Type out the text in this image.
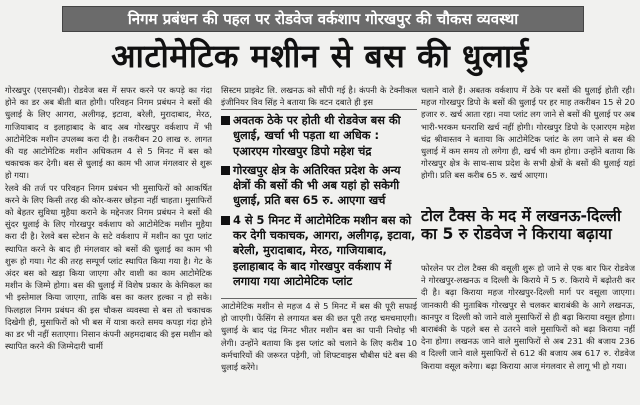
निगम प्रबंधन की पहल पर रोडवेज वर्कशाप गोरखपुर की चौकस व्यवस्था
आटोमेटिक मशीन से बस की धुलाई

गोरखपुर (एसएनबी)। रोडवेज बस में सफर करने पर कपड़े का गंदा होने का डर अब बीती बात होगी। परिवहन निगम प्रबंधन ने बसों की धुलाई के लिए आगरा, अलीगढ़, इटावा, बरेली, मुरादाबाद, मेरठ, गाजियाबाद व इलाहाबाद के बाद अब गोरखपुर वर्कशाप में भी आटोमेटिक मशीन उपलब्ध करा दी है। तकरीबन 20 लाख रु. लागत की यह आटोमेटिक मशीन अधिकतम 4 से 5 मिनट में बस को चकाचक कर देगी। बस से धुलाई का काम भी आज मंगलवार से शुरू हो गया।

रेलवे की तर्ज पर परिवहन निगम प्रबंधन भी मुसाफिरों को आकर्षित करने के लिए किसी तरह की कोर-कसर छोड़ना नहीं चाहता। मुसाफिरों को बेहतर सुविधा मुहैया कराने के मद्देनजर निगम प्रबंधन ने बसों की सुंदर धुलाई के लिए गोरखपुर वर्कशाप को आटोमेटिक मशीन मुहैया करा दी है। रेलवे बस स्टेशन के सटे वर्कशाप में मशीन का पूरा प्लांट स्थापित करने के बाद ही मंगलवार को बसों की धुलाई का काम भी शुरू हो गया। गेट की तरह सम्पूर्ण प्लांट स्थापित किया गया है। गेट के अंदर बस को खड़ा किया जाएगा और वाशी का काम आटोमेटिक मशीन के जिम्मे होगा। बस की धुलाई में विशेष प्रकार के केमिकल का भी इस्तेमाल किया जाएगा, ताकि बस का कलर हल्का न हो सके। फिलहाल निगम प्रबंधन की इस चौकस व्यवस्था से बस तो चकाचक दिखेगी ही, मुसाफिरों को भी बस में यात्रा करते समय कपड़ा गंदा होने का डर भी नहीं सताएगा। निसान कंपनी अहमदाबाद की इस मशीन को स्थापित करने की जिम्मेदारी चार्मी

सिस्टम प्राइवेट लि. लखनऊ को सौंपी गई है। कंपनी के टेक्नीकल इंजीनियर विव सिंह ने बताया कि वटन दबाते ही इस
अवतक ठेके पर होती थी रोडवेज बस की धुलाई, खर्चा भी पड़ता था अधिक : एआरएम गोरखपुर डिपो महेश चंद्र
गोरखपुर क्षेत्र के अतिरिक्त प्रदेश के अन्य क्षेत्रों की बसों की भी अब यहां हो सकेगी धुलाई, प्रति बस 65 रु. आएगा खर्च
4 से 5 मिनट में आटोमेटिक मशीन बस को कर देगी चकाचक, आगरा, अलीगढ़, इटावा, बरेली, मुरादाबाद, मेरठ, गाजियाबाद, इलाहाबाद के बाद गोरखपुर वर्कशाप में लगाया गया आटोमेटिक प्लांट
आटोमेटिक मशीन से महज 4 से 5 मिनट में बस की पूरी सफाई हो जाएगी। फेंसिंग से लगायत बस की छत पूरी तरह चमचमाएगी। धुलाई के बाद पंद्र मिनट भीतर मशीन बस का पानी निचोड़ भी लेगी। उन्होंने बताया कि इस प्लांट को चलाने के लिए करीब 10 कर्मचारियों की जरूरत पड़ेगी, जो शिफ्टवाइस चौबीस घंटे बस की धुलाई करेंगे।
चलाने वाले हैं। अबतक वर्कशाप में ठेके पर बसों की धुलाई होती रही। महज गोरखपुर डिपो के बसों की धुलाई पर हर माह तकरीबन 15 से 20 हजार रु. खर्च आता रहा। नया प्लांट लग जाने से बसों की धुलाई पर अब भारी-भरकम धनराशि खर्च नहीं होगी। गोरखपुर डिपो के एआरएम महेश चंद्र श्रीवास्तव ने बताया कि आटोमेटिक प्लांट के लग जाने से बस की धुलाई में कम समय तो लगेगा ही, खर्च भी कम होगा। उन्होंने बताया कि गोरखपुर क्षेत्र के साथ-साथ प्रदेश के सभी क्षेत्रों के बसों की धुलाई यहां होगी। प्रति बस करीब 65 रु. खर्च आएगा।
टोल टैक्स के मद में लखनऊ-दिल्ली का 5 रु रोडवेज ने किराया बढ़ाया
फोरलेन पर टोल टैक्स की वसूली शुरू हो जाने से एक बार फिर रोडवेज ने गोरखपुर-लखनऊ व दिल्ली के किराये में 5 रु. किराये में बढ़ोतरी कर दी है। बढ़ा किराया महज गोरखपुर-दिल्ली मार्ग पर वसूला जाएगा। जानकारी की मुताबिक गोरखपुर से चलकर बाराबंकी के आगे लखनऊ, कानपुर व दिल्ली को जाने वाले मुसाफिरों से ही बढ़ा किराया वसूल होगा। बाराबंकी के पहले बस से उतरने वाले मुसाफिरों को बढ़ा किराया नहीं देना होगा। लखनऊ जाने वाले मुसाफिरों से अब 231 की बजाय 236 व दिल्ली जाने वाले मुसाफिरों से 612 की बजाय अब 617 रु. रोडवेज किराया वसूल करेगा। बढ़ा किराया आज मंगलवार से लागू भी हो गया।
